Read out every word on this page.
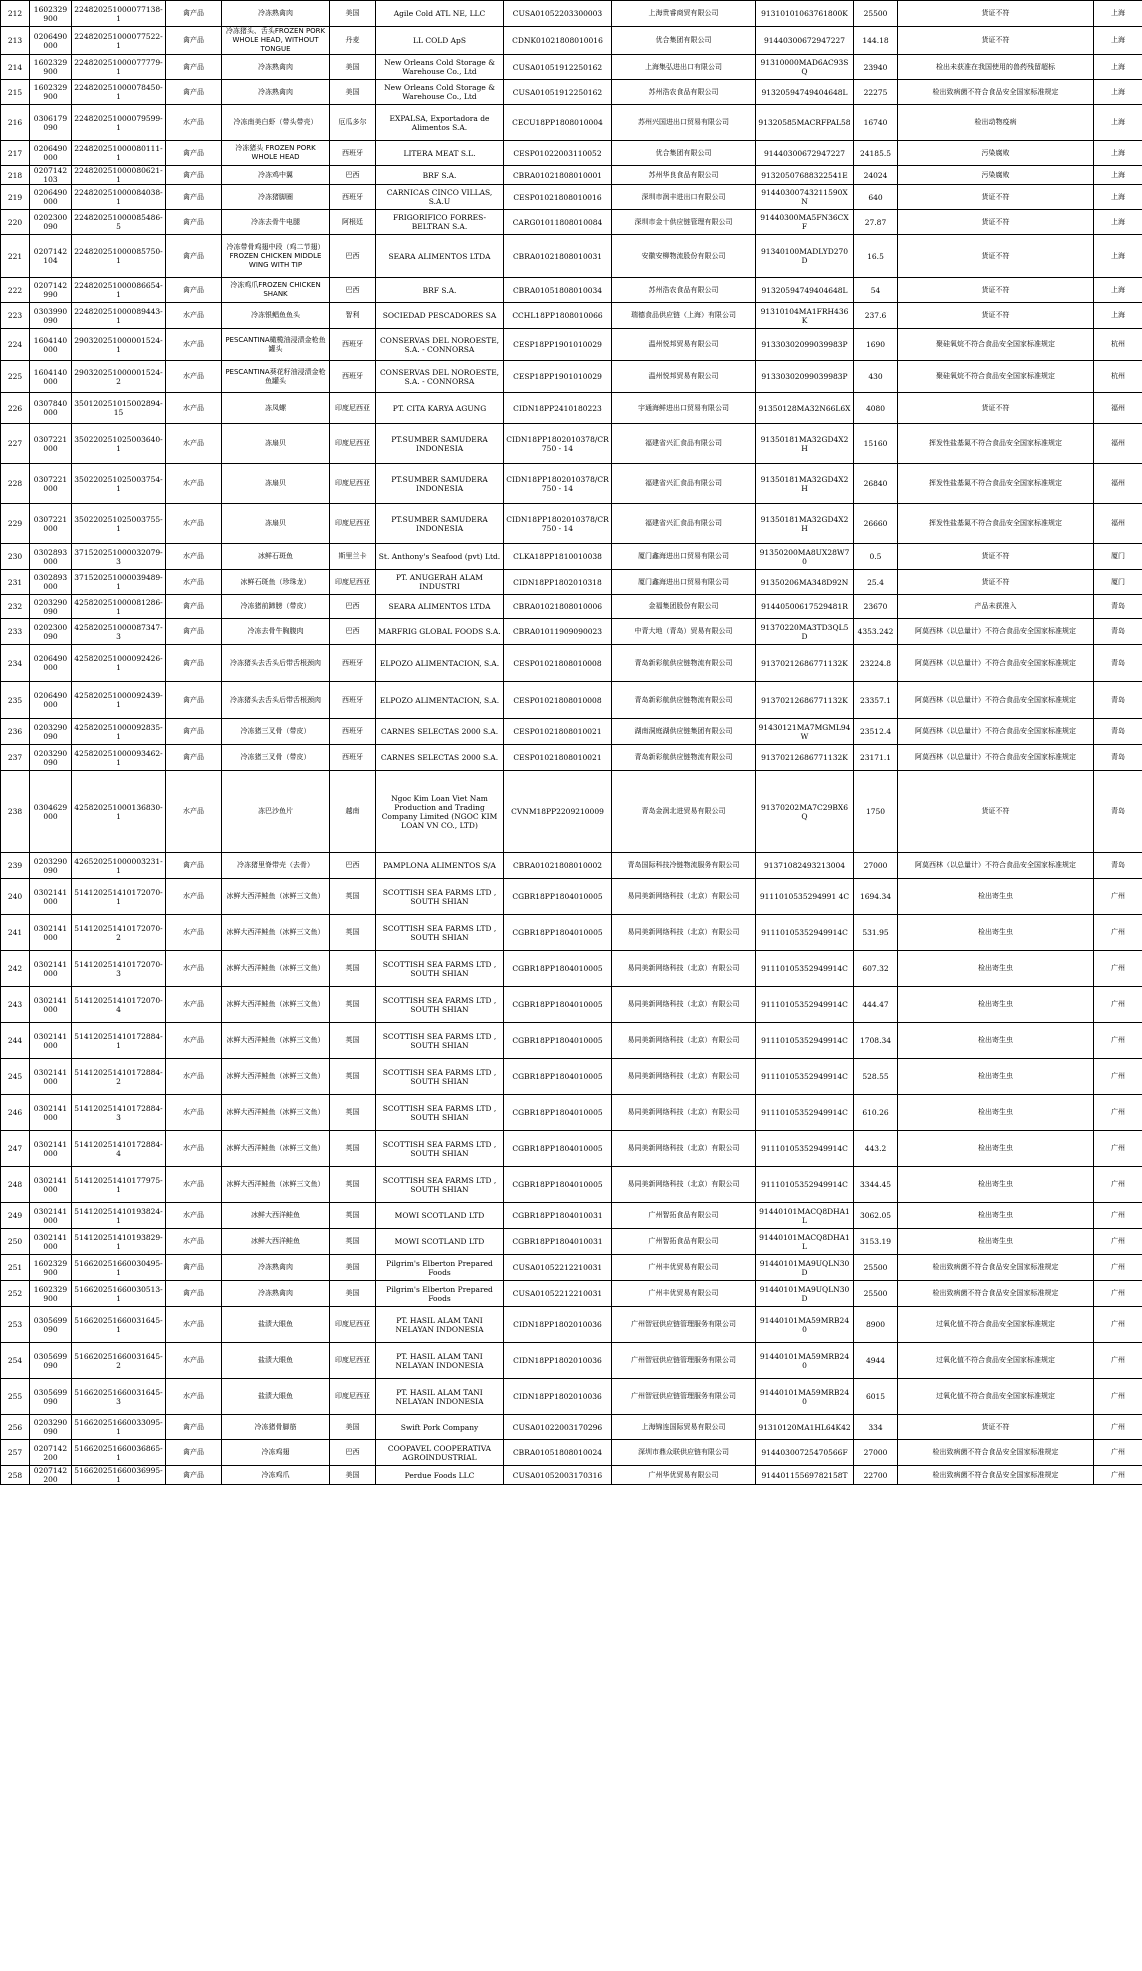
212	1602329900	224820251000077138-1	禽产品	冷冻熟禽肉	美国	Agile Cold ATL NE, LLC	CUSA01052203300003	上海贵睿商贸有限公司	91310101063761800K	25500	货证不符	上海
213	0206490000	224820251000077522-1	禽产品	冷冻猪头、舌头FROZEN PORK WHOLE HEAD, WITHOUT TONGUE	丹麦	LL COLD ApS	CDNK01021808010016	优合集团有限公司	91440300672947227	144.18	货证不符	上海
214	1602329900	224820251000077779-1	禽产品	冷冻熟禽肉	美国	New Orleans Cold Storage & Warehouse Co., Ltd	CUSA01051912250162	上海集弘进出口有限公司	91310000MAD6AC93SQ	23940	检出未获准在我国使用的兽药残留超标	上海
215	1602329900	224820251000078450-1	禽产品	冷冻熟禽肉	美国	New Orleans Cold Storage & Warehouse Co., Ltd	CUSA01051912250162	苏州浩农食品有限公司	91320594749404648L	22275	检出致病菌不符合食品安全国家标准规定	上海
216	0306179090	224820251000079599-1	水产品	冷冻南美白虾（带头带壳）	厄瓜多尔	EXPALSA, Exportadora de Alimentos S.A.	CECU18PP1808010004	苏州兴国进出口贸易有限公司	91320585MACRFPAL58	16740	检出动物疫病	上海
217	0206490000	224820251000080111-1	禽产品	冷冻猪头 FROZEN PORK WHOLE HEAD	西班牙	LITERA MEAT S.L.	CESP01022003110052	优合集团有限公司	91440300672947227	24185.5	污染腐败	上海
218	0207142103	224820251000080621-1	禽产品	冷冻鸡中翼	巴西	BRF S.A.	CBRA01021808010001	苏州华良食品有限公司	91320507688322541E	24024	污染腐败	上海
219	0206490000	224820251000084038-1	禽产品	冷冻猪脚圈	西班牙	CARNICAS CINCO VILLAS, S.A.U	CESP01021808010016	深圳市润丰进出口有限公司	91440300743211590XN	640	货证不符	上海
220	0202300090	224820251000085486-5	禽产品	冷冻去骨牛电腿	阿根廷	FRIGORIFICO FORRES-BELTRAN S.A.	CARG01011808010084	深圳市金十供应链管理有限公司	91440300MA5FN36CXF	27.87	货证不符	上海
221	0207142104	224820251000085750-1	禽产品	冷冻带骨鸡翅中段（鸡二节翅）FROZEN CHICKEN MIDDLE WING WITH TIP	巴西	SEARA ALIMENTOS LTDA	CBRA01021808010031	安徽安柳物流股份有限公司	91340100MADLYD270D	16.5	货证不符	上海
222	0207142990	224820251000086654-1	禽产品	冷冻鸡爪FROZEN CHICKEN SHANK	巴西	BRF S.A.	CBRA01051808010034	苏州浩农食品有限公司	91320594749404648L	54	货证不符	上海
223	0303990090	224820251000089443-1	水产品	冷冻银鲳鱼鱼头	智利	SOCIEDAD PESCADORES SA	CCHL18PP1808010066	瑞德食品供应链（上海）有限公司	91310104MA1FRH436K	237.6	货证不符	上海
224	1604140000	290320251000001524-1	水产品	PESCANTINA橄榄油浸渍金枪鱼罐头	西班牙	CONSERVAS DEL NOROESTE, S.A. - CONNORSA	CESP18PP1901010029	温州悦邦贸易有限公司	91330302099039983P	1690	聚硅氧烷不符合食品安全国家标准规定	杭州
225	1604140000	290320251000001524-2	水产品	PESCANTINA葵花籽油浸渍金枪鱼罐头	西班牙	CONSERVAS DEL NOROESTE, S.A. - CONNORSA	CESP18PP1901010029	温州悦邦贸易有限公司	91330302099039983P	430	聚硅氧烷不符合食品安全国家标准规定	杭州
226	0307840000	350120251015002894-15	水产品	冻凤螺	印度尼西亚	PT. CITA KARYA AGUNG	CIDN18PP2410180223	宇通海鲜进出口贸易有限公司	91350128MA32N66L6X	4080	货证不符	福州
227	0307221000	350220251025003640-1	水产品	冻扇贝	印度尼西亚	PT.SUMBER SAMUDERA INDONESIA	CIDN18PP1802010378/CR 750 - 14	福建省兴汇食品有限公司	91350181MA32GD4X2H	15160	挥发性盐基氮不符合食品安全国家标准规定	福州
228	0307221000	350220251025003754-1	水产品	冻扇贝	印度尼西亚	PT.SUMBER SAMUDERA INDONESIA	CIDN18PP1802010378/CR 750 - 14	福建省兴汇食品有限公司	91350181MA32GD4X2H	26840	挥发性盐基氮不符合食品安全国家标准规定	福州
229	0307221000	350220251025003755-1	水产品	冻扇贝	印度尼西亚	PT.SUMBER SAMUDERA INDONESIA	CIDN18PP1802010378/CR 750 - 14	福建省兴汇食品有限公司	91350181MA32GD4X2H	26660	挥发性盐基氮不符合食品安全国家标准规定	福州
230	0302893000	371520251000032079-3	水产品	冰鲜石斑鱼	斯里兰卡	St. Anthony's Seafood (pvt) Ltd.	CLKA18PP1810010038	厦门鑫海进出口贸易有限公司	91350200MA8UX28W70	0.5	货证不符	厦门
231	0302893000	371520251000039489-1	水产品	冰鲜石斑鱼（珍珠龙）	印度尼西亚	PT. ANUGERAH ALAM INDUSTRI	CIDN18PP1802010318	厦门鑫海进出口贸易有限公司	91350206MA348D92N	25.4	货证不符	厦门
232	0203290090	425820251000081286-1	禽产品	冷冻猪前蹄膀（带皮）	巴西	SEARA ALIMENTOS LTDA	CBRA01021808010006	金福集团股份有限公司	91440500617529481R	23670	产品未获准入	青岛
233	0202300090	425820251000087347-3	禽产品	冷冻去骨牛胸腹肉	巴西	MARFRIG GLOBAL FOODS S.A.	CBRA01011909090023	中青大地（青岛）贸易有限公司	91370220MA3TD3QL5D	4353.242	阿莫西林（以总量计）不符合食品安全国家标准规定	青岛
234	0206490000	425820251000092426-1	禽产品	冷冻猪头去舌头后带舌根颈肉	西班牙	ELPOZO ALIMENTACION, S.A.	CESP01021808010008	青岛新彩航供应链物流有限公司	91370212686771132K	23224.8	阿莫西林（以总量计）不符合食品安全国家标准规定	青岛
235	0206490000	425820251000092439-1	禽产品	冷冻猪头去舌头后带舌根颈肉	西班牙	ELPOZO ALIMENTACION, S.A.	CESP01021808010008	青岛新彩航供应链物流有限公司	91370212686771132K	23357.1	阿莫西林（以总量计）不符合食品安全国家标准规定	青岛
236	0203290090	425820251000092835-1	禽产品	冷冻猪三叉骨（带皮）	西班牙	CARNES SELECTAS 2000 S.A.	CESP01021808010021	湖南洞庭湖供应链集团有限公司	91430121MA7MGML94W	23512.4	阿莫西林（以总量计）不符合食品安全国家标准规定	青岛
237	0203290090	425820251000093462-1	禽产品	冷冻猪三叉骨（带皮）	西班牙	CARNES SELECTAS 2000 S.A.	CESP01021808010021	青岛新彩航供应链物流有限公司	91370212686771132K	23171.1	阿莫西林（以总量计）不符合食品安全国家标准规定	青岛
238	0304629000	425820251000136830-1	水产品	冻巴沙鱼片	越南	Ngoc Kim Loan Viet Nam Production and Trading Company Limited (NGOC KIM LOAN VN CO., LTD)	CVNM18PP2209210009	青岛金润北进贸易有限公司	91370202MA7C29BX6Q	1750	货证不符	青岛
239	0203290090	426520251000003231-1	禽产品	冷冻猪里脊带壳（去骨）	巴西	PAMPLONA ALIMENTOS S/A	CBRA01021808010002	青岛国际科技冷链物流服务有限公司	91371082493213004	27000	阿莫西林（以总量计）不符合食品安全国家标准规定	青岛
240	0302141000	514120251410172070-1	水产品	冰鲜大西洋鲑鱼（冰鲜三文鱼）	英国	SCOTTISH SEA FARMS LTD , SOUTH SHIAN	CGBR18PP1804010005	易同美新网络科技（北京）有限公司	9111010535294991 4C	1694.34	检出寄生虫	广州
241	0302141000	514120251410172070-2	水产品	冰鲜大西洋鲑鱼（冰鲜三文鱼）	英国	SCOTTISH SEA FARMS LTD , SOUTH SHIAN	CGBR18PP1804010005	易同美新网络科技（北京）有限公司	91110105352949914C	531.95	检出寄生虫	广州
242	0302141000	514120251410172070-3	水产品	冰鲜大西洋鲑鱼（冰鲜三文鱼）	英国	SCOTTISH SEA FARMS LTD , SOUTH SHIAN	CGBR18PP1804010005	易同美新网络科技（北京）有限公司	91110105352949914C	607.32	检出寄生虫	广州
243	0302141000	514120251410172070-4	水产品	冰鲜大西洋鲑鱼（冰鲜三文鱼）	英国	SCOTTISH SEA FARMS LTD , SOUTH SHIAN	CGBR18PP1804010005	易同美新网络科技（北京）有限公司	91110105352949914C	444.47	检出寄生虫	广州
244	0302141000	514120251410172884-1	水产品	冰鲜大西洋鲑鱼（冰鲜三文鱼）	英国	SCOTTISH SEA FARMS LTD , SOUTH SHIAN	CGBR18PP1804010005	易同美新网络科技（北京）有限公司	91110105352949914C	1708.34	检出寄生虫	广州
245	0302141000	514120251410172884-2	水产品	冰鲜大西洋鲑鱼（冰鲜三文鱼）	英国	SCOTTISH SEA FARMS LTD , SOUTH SHIAN	CGBR18PP1804010005	易同美新网络科技（北京）有限公司	91110105352949914C	528.55	检出寄生虫	广州
246	0302141000	514120251410172884-3	水产品	冰鲜大西洋鲑鱼（冰鲜三文鱼）	英国	SCOTTISH SEA FARMS LTD , SOUTH SHIAN	CGBR18PP1804010005	易同美新网络科技（北京）有限公司	91110105352949914C	610.26	检出寄生虫	广州
247	0302141000	514120251410172884-4	水产品	冰鲜大西洋鲑鱼（冰鲜三文鱼）	英国	SCOTTISH SEA FARMS LTD , SOUTH SHIAN	CGBR18PP1804010005	易同美新网络科技（北京）有限公司	91110105352949914C	443.2	检出寄生虫	广州
248	0302141000	514120251410177975-1	水产品	冰鲜大西洋鲑鱼（冰鲜三文鱼）	英国	SCOTTISH SEA FARMS LTD , SOUTH SHIAN	CGBR18PP1804010005	易同美新网络科技（北京）有限公司	91110105352949914C	3344.45	检出寄生虫	广州
249	0302141000	514120251410193824-1	水产品	冰鲜大西洋鲑鱼	英国	MOWI SCOTLAND LTD	CGBR18PP1804010031	广州智拓食品有限公司	91440101MACQ8DHA1L	3062.05	检出寄生虫	广州
250	0302141000	514120251410193829-1	水产品	冰鲜大西洋鲑鱼	英国	MOWI SCOTLAND LTD	CGBR18PP1804010031	广州智拓食品有限公司	91440101MACQ8DHA1L	3153.19	检出寄生虫	广州
251	1602329900	516620251660030495-1	禽产品	冷冻熟禽肉	美国	Pilgrim's Elberton Prepared Foods	CUSA01052212210031	广州丰优贸易有限公司	91440101MA9UQLN30D	25500	检出致病菌不符合食品安全国家标准规定	广州
252	1602329900	516620251660030513-1	禽产品	冷冻熟禽肉	美国	Pilgrim's Elberton Prepared Foods	CUSA01052212210031	广州丰优贸易有限公司	91440101MA9UQLN30D	25500	检出致病菌不符合食品安全国家标准规定	广州
253	0305699090	516620251660031645-1	水产品	盐渍大眼鱼	印度尼西亚	PT. HASIL ALAM TANI NELAYAN INDONESIA	CIDN18PP1802010036	广州智冠供应链管理服务有限公司	91440101MA59MRB240	8900	过氧化值不符合食品安全国家标准规定	广州
254	0305699090	516620251660031645-2	水产品	盐渍大眼鱼	印度尼西亚	PT. HASIL ALAM TANI NELAYAN INDONESIA	CIDN18PP1802010036	广州智冠供应链管理服务有限公司	91440101MA59MRB240	4944	过氧化值不符合食品安全国家标准规定	广州
255	0305699090	516620251660031645-3	水产品	盐渍大眼鱼	印度尼西亚	PT. HASIL ALAM TANI NELAYAN INDONESIA	CIDN18PP1802010036	广州智冠供应链管理服务有限公司	91440101MA59MRB240	6015	过氧化值不符合食品安全国家标准规定	广州
256	0203290090	516620251660033095-1	禽产品	冷冻猪骨脚筋	美国	Swift Pork Company	CUSA01022003170296	上海锦连国际贸易有限公司	91310120MA1HL64K42	334	货证不符	广州
257	0207142200	516620251660036865-1	禽产品	冷冻鸡翅	巴西	COOPAVEL COOPERATIVA AGROINDUSTRIAL	CBRA01051808010024	深圳市鼎众联供应链有限公司	91440300725470566F	27000	检出致病菌不符合食品安全国家标准规定	广州
258	0207142200	516620251660036995-1	禽产品	冷冻鸡爪	美国	Perdue Foods LLC	CUSA01052003170316	广州华优贸易有限公司	91440115569782158T	22700	检出致病菌不符合食品安全国家标准规定	广州
